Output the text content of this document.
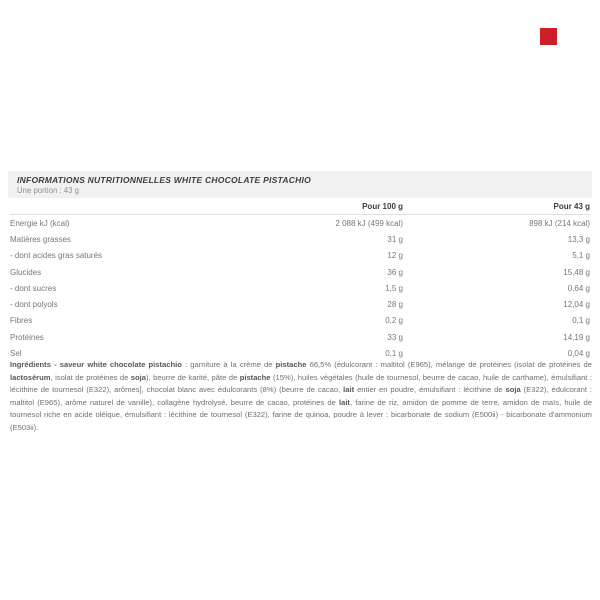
INFORMATIONS NUTRITIONNELLES WHITE CHOCOLATE PISTACHIO
Une portion : 43 g
Pour 100 g	Pour 43 g
Energie kJ (kcal)	2 088 kJ (499 kcal)	898 kJ (214 kcal)
Matières grasses	31 g	13,3 g
- dont acides gras saturés	12 g	5,1 g
Glucides	36 g	15,48 g
- dont sucres	1,5 g	0,64 g
- dont polyols	28 g	12,04 g
Fibres	0,2 g	0,1 g
Protéines	33 g	14,19 g
Sel	0,1 g	0,04 g
Ingrédients - saveur white chocolate pistachio : garniture à la crème de pistache 66,5% (édulcorant : maltitol (E965), mélange de protéines (isolat de protéines de lactosérum, isolat de protéines de soja), beurre de karité, pâte de pistache (15%), huiles végétales (huile de tournesol, beurre de cacao, huile de carthame), émulsifiant : lécithine de tournesol (E322), arômes], chocolat blanc avec édulcorants (8%) (beurre de cacao, lait entier en poudre, émulsifiant : lécithine de soja (E322), édulcorant : maltitol (E965), arôme naturel de vanille), collagène hydrolysé, beurre de cacao, protéines de lait, farine de riz, amidon de pomme de terre, amidon de maïs, huile de tournesol riche en acide oléique, émulsifiant : lécithine de tournesol (E322), farine de quinoa, poudre à lever : bicarbonate de sodium (E500ii) - bicarbonate d'ammonium (E503ii).
